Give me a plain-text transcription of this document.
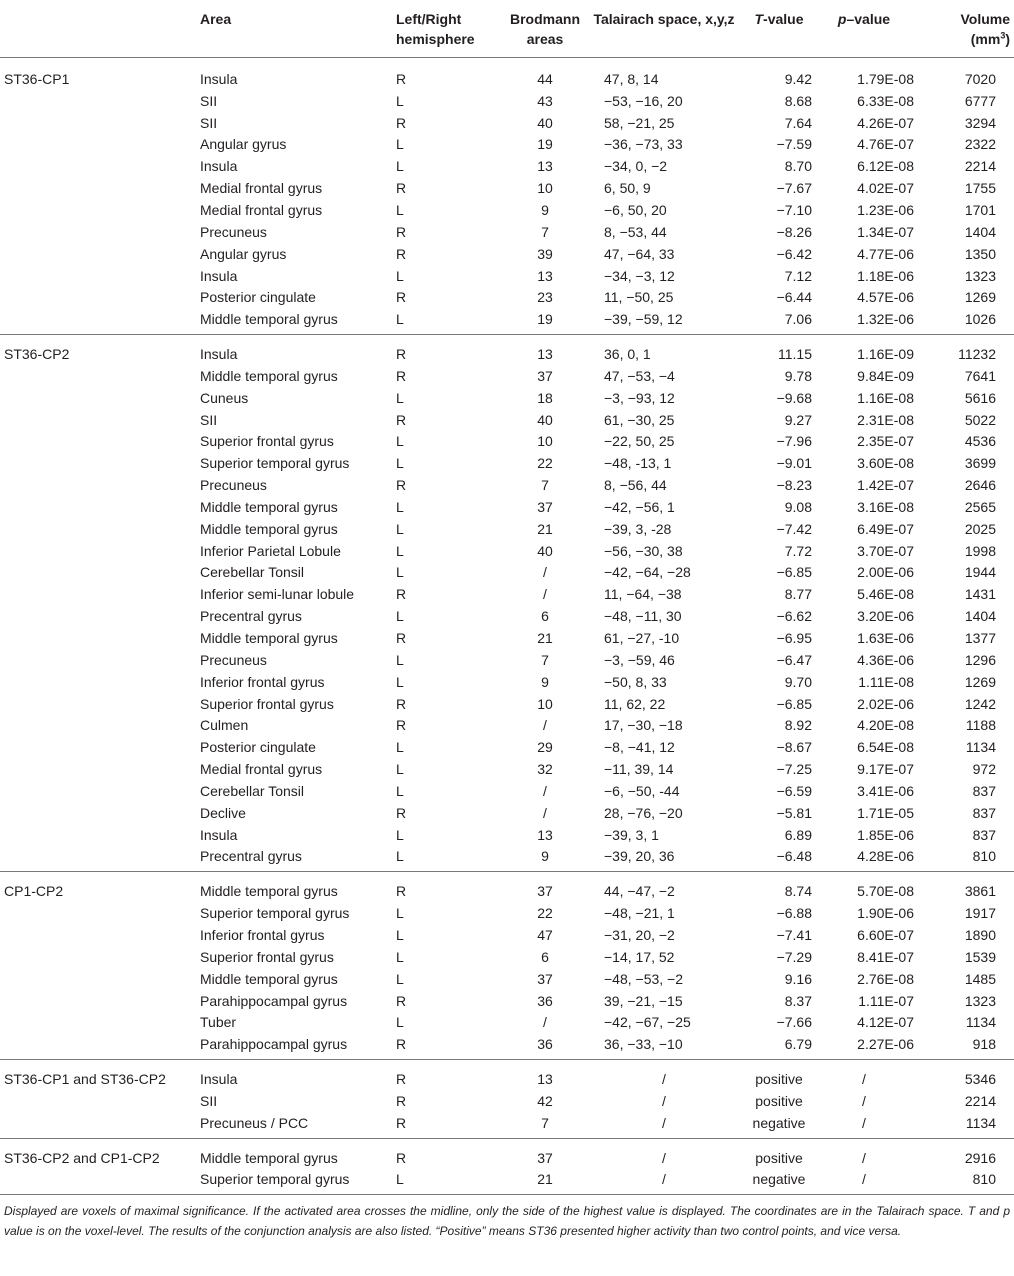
	Area	Left/Right hemisphere	Brodmann areas	Talairach space, x,y,z	T-value	p–value	Volume
$(mm^3)$

ST36-CP1	Insula	R	44	47, 8, 14	9.42	1.79E-08	7020
	SII	L	43	−53, −16, 20	8.68	6.33E-08	6777
	SII	R	40	58, −21, 25	7.64	4.26E-07	3294
	Angular gyrus	L	19	−36, −73, 33	−7.59	4.76E-07	2322
	Insula	L	13	−34, 0, −2	8.70	6.12E-08	2214
	Medial frontal gyrus	R	10	6, 50, 9	−7.67	4.02E-07	1755
	Medial frontal gyrus	L	9	−6, 50, 20	−7.10	1.23E-06	1701
	Precuneus	R	7	8, −53, 44	−8.26	1.34E-07	1404
	Angular gyrus	R	39	47, −64, 33	−6.42	4.77E-06	1350
	Insula	L	13	−34, −3, 12	7.12	1.18E-06	1323
	Posterior cingulate	R	23	11, −50, 25	−6.44	4.57E-06	1269
	Middle temporal gyrus	L	19	−39, −59, 12	7.06	1.32E-06	1026

ST36-CP2	Insula	R	13	36, 0, 1	11.15	1.16E-09	11232
	Middle temporal gyrus	R	37	47, −53, −4	9.78	9.84E-09	7641
	Cuneus	L	18	−3, −93, 12	−9.68	1.16E-08	5616
	SII	R	40	61, −30, 25	9.27	2.31E-08	5022
	Superior frontal gyrus	L	10	−22, 50, 25	−7.96	2.35E-07	4536
	Superior temporal gyrus	L	22	−48, -13, 1	−9.01	3.60E-08	3699
	Precuneus	R	7	8, −56, 44	−8.23	1.42E-07	2646
	Middle temporal gyrus	L	37	−42, −56, 1	9.08	3.16E-08	2565
	Middle temporal gyrus	L	21	−39, 3, -28	−7.42	6.49E-07	2025
	Inferior Parietal Lobule	L	40	−56, −30, 38	7.72	3.70E-07	1998
	Cerebellar Tonsil	L	/	−42, −64, −28	−6.85	2.00E-06	1944
	Inferior semi-lunar lobule	R	/	11, −64, −38	8.77	5.46E-08	1431
	Precentral gyrus	L	6	−48, −11, 30	−6.62	3.20E-06	1404
	Middle temporal gyrus	R	21	61, −27, -10	−6.95	1.63E-06	1377
	Precuneus	L	7	−3, −59, 46	−6.47	4.36E-06	1296
	Inferior frontal gyrus	L	9	−50, 8, 33	9.70	1.11E-08	1269
	Superior frontal gyrus	R	10	11, 62, 22	−6.85	2.02E-06	1242
	Culmen	R	/	17, −30, −18	8.92	4.20E-08	1188
	Posterior cingulate	L	29	−8, −41, 12	−8.67	6.54E-08	1134
	Medial frontal gyrus	L	32	−11, 39, 14	−7.25	9.17E-07	972
	Cerebellar Tonsil	L	/	−6, −50, -44	−6.59	3.41E-06	837
	Declive	R	/	28, −76, −20	−5.81	1.71E-05	837
	Insula	L	13	−39, 3, 1	6.89	1.85E-06	837
	Precentral gyrus	L	9	−39, 20, 36	−6.48	4.28E-06	810

CP1-CP2	Middle temporal gyrus	R	37	44, −47, −2	8.74	5.70E-08	3861
	Superior temporal gyrus	L	22	−48, −21, 1	−6.88	1.90E-06	1917
	Inferior frontal gyrus	L	47	−31, 20, −2	−7.41	6.60E-07	1890
	Superior frontal gyrus	L	6	−14, 17, 52	−7.29	8.41E-07	1539
	Middle temporal gyrus	L	37	−48, −53, −2	9.16	2.76E-08	1485
	Parahippocampal gyrus	R	36	39, −21, −15	8.37	1.11E-07	1323
	Tuber	L	/	−42, −67, −25	−7.66	4.12E-07	1134
	Parahippocampal gyrus	R	36	36, −33, −10	6.79	2.27E-06	918

ST36-CP1 and ST36-CP2	Insula	R	13	/	positive	/	5346
	SII	R	42	/	positive	/	2214
	Precuneus / PCC	R	7	/	negative	/	1134

ST36-CP2 and CP1-CP2	Middle temporal gyrus	R	37	/	positive	/	2916
	Superior temporal gyrus	L	21	/	negative	/	810

Displayed are voxels of maximal significance. If the activated area crosses the midline, only the side of the highest value is displayed. The coordinates are in the Talairach space. T and p value is on the voxel-level. The results of the conjunction analysis are also listed. “Positive” means ST36 presented higher activity than two control points, and vice versa.
